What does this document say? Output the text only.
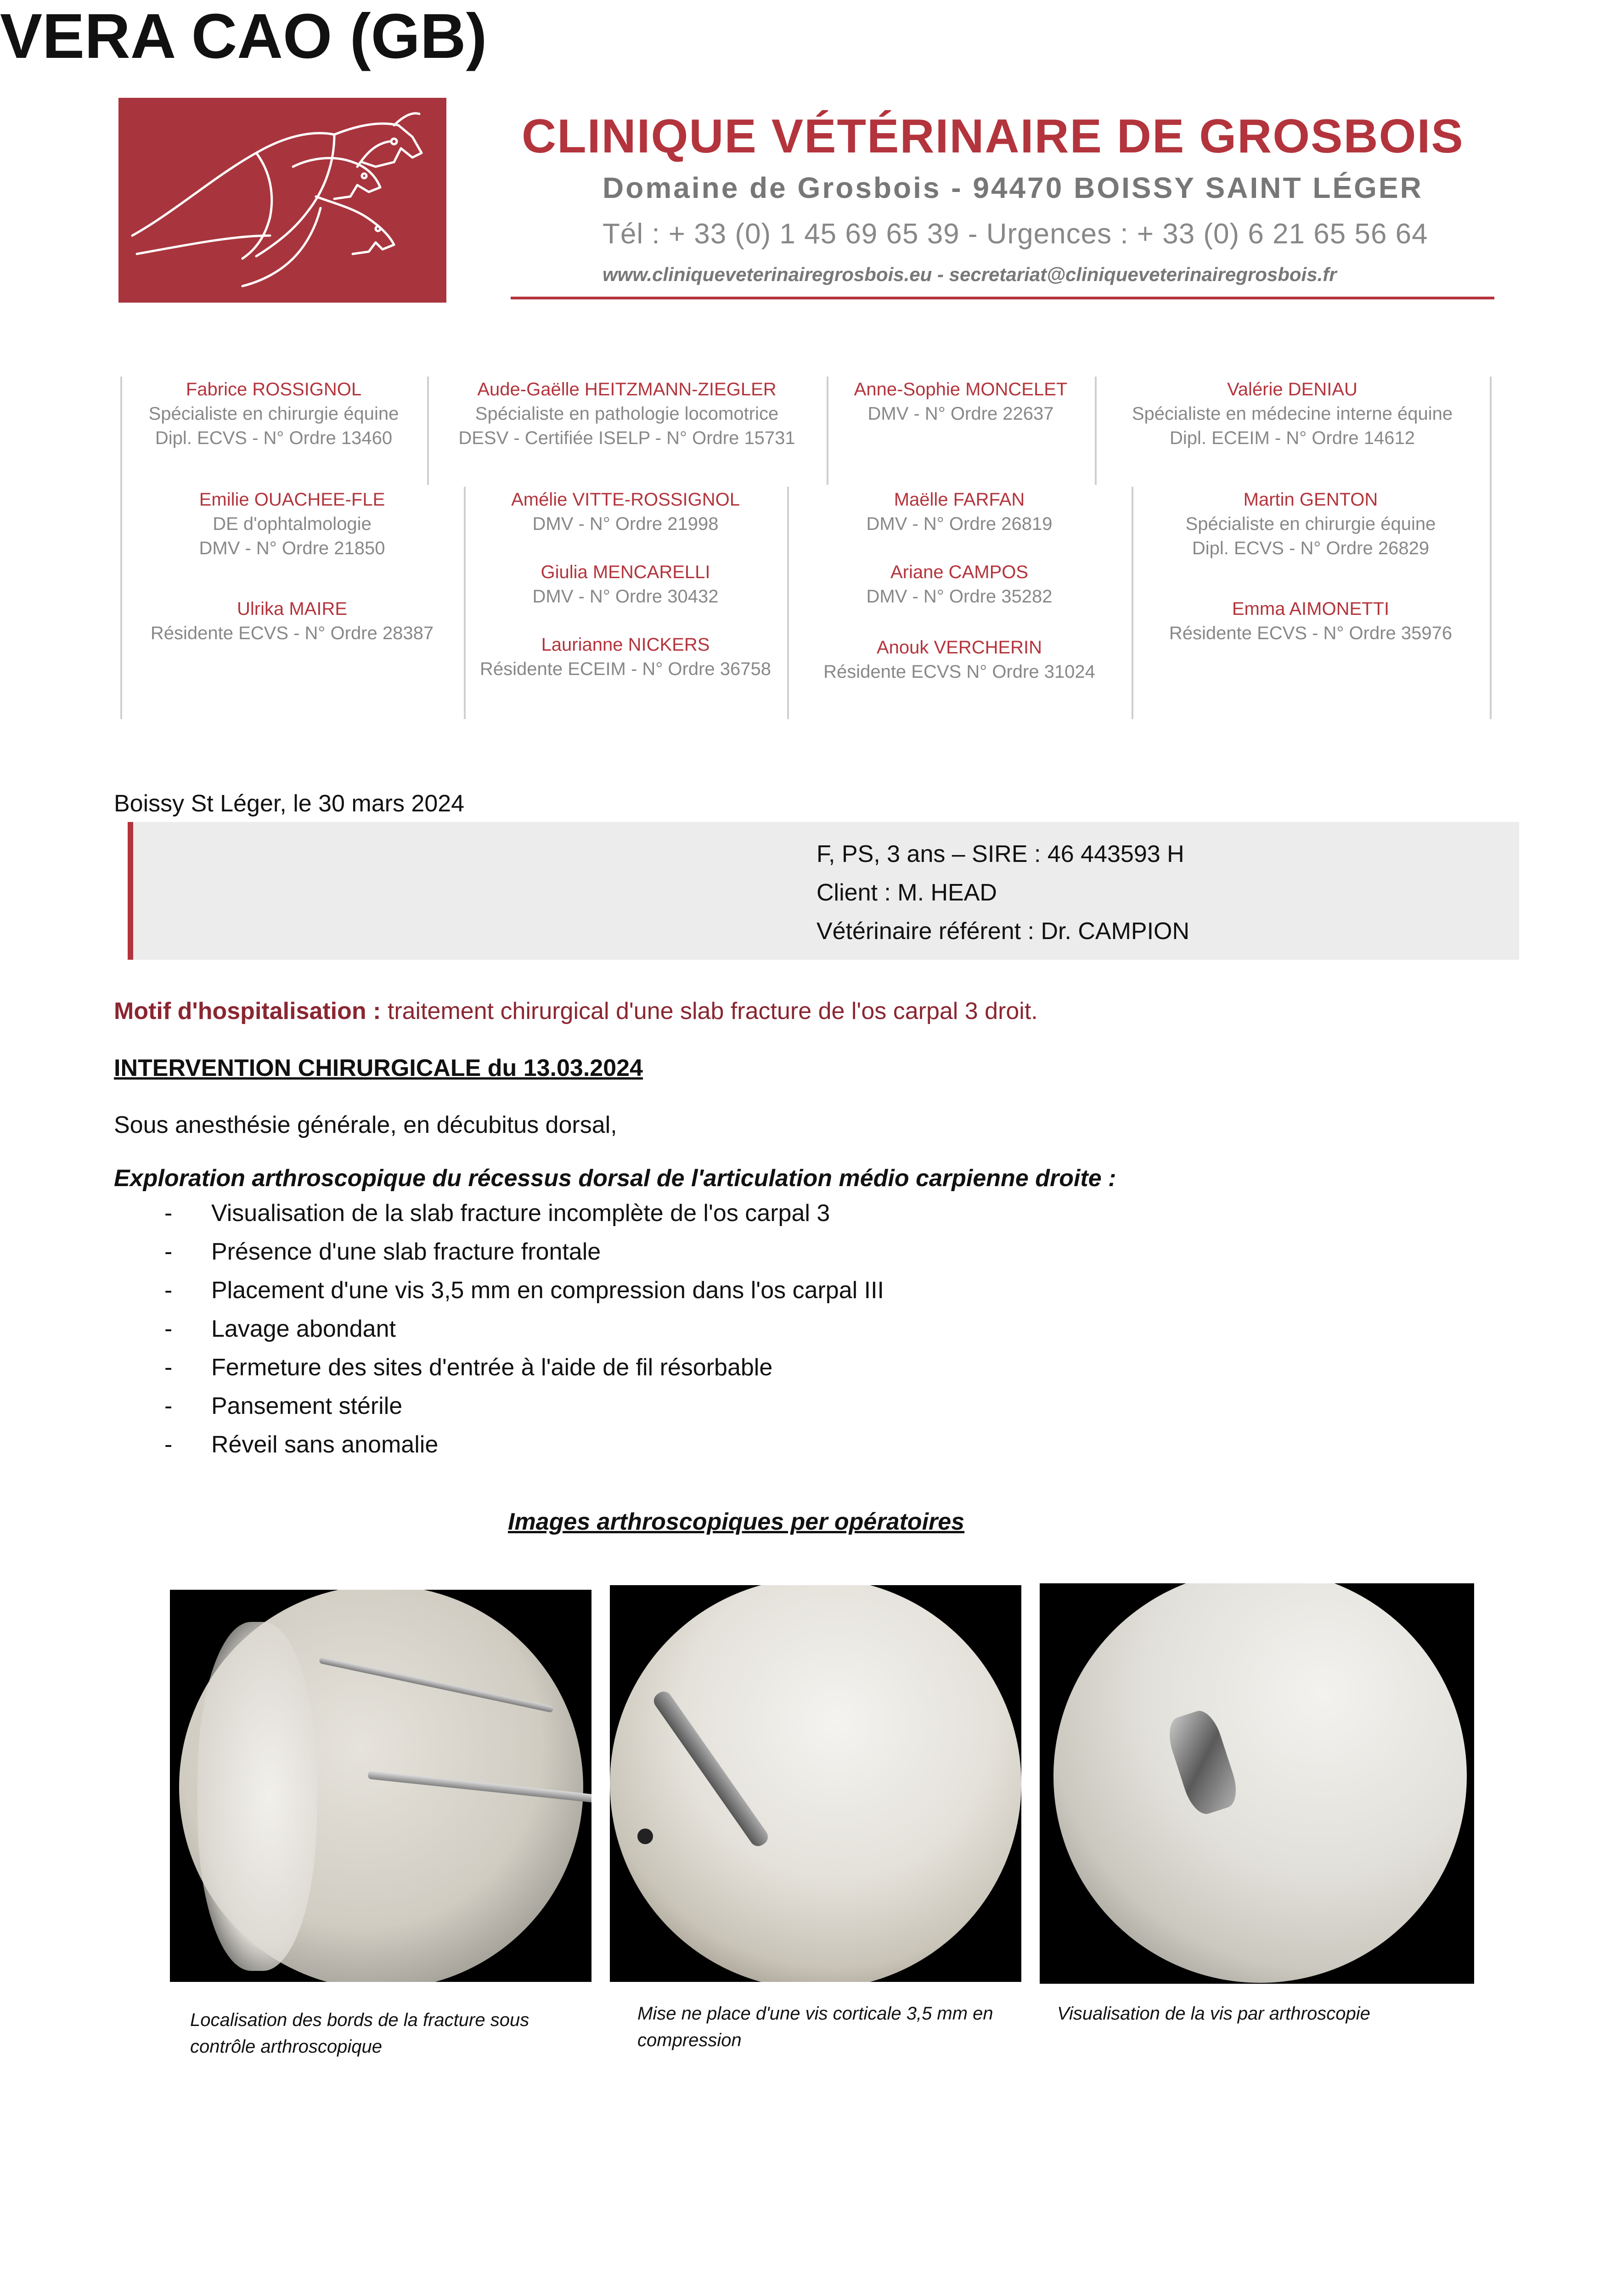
CLINIQUE VÉTÉRINAIRE DE GROSBOIS
Domaine de Grosbois - 94470 BOISSY SAINT LÉGER
Tél : + 33 (0) 1 45 69 65 39 - Urgences : + 33 (0) 6 21 65 56 64
www.cliniqueveterinairegrosbois.eu - secretariat@cliniqueveterinairegrosbois.fr
Fabrice ROSSIGNOL
Spécialiste en chirurgie équine
Dipl. ECVS - N° Ordre 13460
Aude-Gaëlle HEITZMANN-ZIEGLER
Spécialiste en pathologie locomotrice
DESV - Certifiée ISELP - N° Ordre 15731
Anne-Sophie MONCELET
DMV - N° Ordre 22637
Valérie DENIAU
Spécialiste en médecine interne équine
Dipl. ECEIM - N° Ordre 14612
Emilie OUACHEE-FLE
DE d'ophtalmologie
DMV - N° Ordre 21850
Amélie VITTE-ROSSIGNOL
DMV - N° Ordre 21998
Maëlle FARFAN
DMV - N° Ordre 26819
Martin GENTON
Spécialiste en chirurgie équine
Dipl. ECVS - N° Ordre 26829
Giulia MENCARELLI
DMV - N° Ordre 30432
Ariane CAMPOS
DMV - N° Ordre 35282
Ulrika MAIRE
Résidente ECVS - N° Ordre 28387
Emma AIMONETTI
Résidente ECVS - N° Ordre 35976
Laurianne NICKERS
Résidente ECEIM - N° Ordre 36758
Anouk VERCHERIN
Résidente ECVS N° Ordre 31024
Boissy St Léger, le 30 mars 2024
VERA CAO (GB)
F, PS, 3 ans – SIRE : 46 443593 H
Client : M. HEAD
Vétérinaire référent : Dr. CAMPION
Motif d'hospitalisation : traitement chirurgical d'une slab fracture de l'os carpal 3 droit.
INTERVENTION CHIRURGICALE du 13.03.2024
Sous anesthésie générale, en décubitus dorsal,
Exploration arthroscopique du récessus dorsal de l'articulation médio carpienne droite :
- Visualisation de la slab fracture incomplète de l'os carpal 3
- Présence d'une slab fracture frontale
- Placement d'une vis 3,5 mm en compression dans l'os carpal III
- Lavage abondant
- Fermeture des sites d'entrée à l'aide de fil résorbable
- Pansement stérile
- Réveil sans anomalie
Images arthroscopiques per opératoires
Localisation des bords de la fracture sous contrôle arthroscopique
Mise ne place d'une vis corticale 3,5 mm en compression
Visualisation de la vis par arthroscopie
